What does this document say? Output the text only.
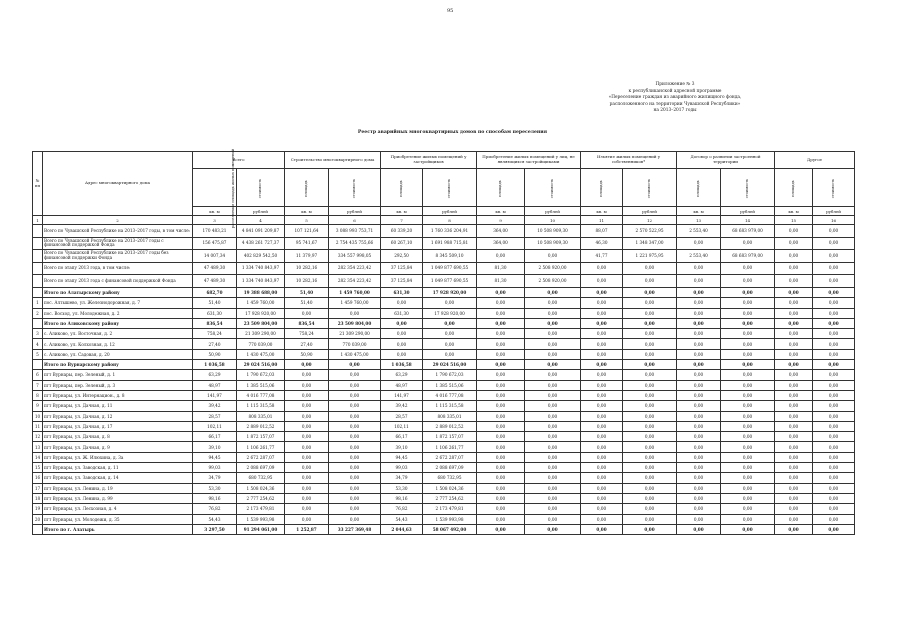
95
Приложение № 3
к республиканской адресной программе
«Переселение граждан из аварийного жилищного фонда,
расположенного на территории Чувашской Республики»
на 2013–2017 годы
Реестр аварийных многоквартирных домов по способам переселения
№ пп	Адрес многоквартирного дома	Всего		Строительство многоквартирного дома		Приобретение жилых помещений у застройщиков		Приобретение жилых помещений у лиц, не являющихся застройщиками		Изъятие жилых помещений у собственников*		Договор о развитии застроенной территории		Другое	
		расселяемая площадь жилых помещений	стоимость	площадь	стоимость	площадь	стоимость	площадь	стоимость	площадь	стоимость	площадь	стоимость	площадь	стоимость
		кв. м	рублей	кв. м	рублей	кв. м	рублей	кв. м	рублей	кв. м	рублей	кв. м	рублей	кв. м	рублей
1	2	3	4	5	6	7	8	9	10	11	12	13	14	15	16
	Всего по Чувашской Республике на 2013–2017 годы, в том числе:	170 483,21	4 841 091 209,87	107 121,64	3 088 993 753,71	60 339,20	1 760 336 204,91	364,00	10 508 909,30	88,07	2 570 522,95	2 553,40	68 683 979,00	0,00	0,00
	Всего по Чувашской Республике на 2013–2017 годы с финансовой поддержкой Фонда	156 475,87	4 438 261 727,37	95 741,67	2 754 435 755,66	60 267,10	1 691 988 715,81	364,00	10 508 909,30	46,30	1 348 347,00	0,00	0,00	0,00	0,00
	Всего по Чувашской Республике на 2013–2017 годы без финансовой поддержки Фонда	14 007,34	402 829 542,50	11 379,97	334 557 998,05	292,50	8 345 509,10	0,00	0,00	41,77	1 221 975,95	2 553,40	68 683 979,00	0,00	0,00
	Всего по этапу 2013 года, в том числе:	47 489,30	1 334 740 843,97	10 282,16	282 354 223,42	37 125,84	1 049 877 690,55	81,30	2 508 920,00	0,00	0,00	0,00	0,00	0,00	0,00
	Всего по этапу 2013 года с финансовой поддержкой Фонда	47 489,30	1 334 740 843,97	10 282,16	282 354 223,42	37 125,84	1 049 877 690,55	81,30	2 508 920,00	0,00	0,00	0,00	0,00	0,00	0,00
	Итого по Алатырскому району	682,70	19 388 688,00	51,40	1 459 760,00	631,30	17 928 920,00	0,00	0,00	0,00	0,00	0,00	0,00	0,00	0,00
1	пос. Алтышево, ул. Железнодорожная, д. 7	51,40	1 459 760,00	51,40	1 459 760,00	0,00	0,00	0,00	0,00	0,00	0,00	0,00	0,00	0,00	0,00
2	пос. Восход, ул. Молодежная, д. 2	631,30	17 928 920,00	0,00	0,00	631,30	17 928 920,00	0,00	0,00	0,00	0,00	0,00	0,00	0,00	0,00
	Итого по Аликовскому району	836,54	23 509 804,00	836,54	23 509 804,00	0,00	0,00	0,00	0,00	0,00	0,00	0,00	0,00	0,00	0,00
3	с. Аликово, ул. Восточная, д. 2	758,24	21 309 290,00	758,24	21 309 290,00	0,00	0,00	0,00	0,00	0,00	0,00	0,00	0,00	0,00	0,00
4	с. Аликово, ул. Колхозная, д. 12	27,40	770 039,00	27,40	770 039,00	0,00	0,00	0,00	0,00	0,00	0,00	0,00	0,00	0,00	0,00
5	с. Аликово, ул. Садовая, д. 20	50,90	1 430 475,00	50,90	1 430 475,00	0,00	0,00	0,00	0,00	0,00	0,00	0,00	0,00	0,00	0,00
	Итого по Вурнарскому району	1 036,58	29 024 516,00	0,00	0,00	1 036,58	29 024 516,00	0,00	0,00	0,00	0,00	0,00	0,00	0,00	0,00
6	пгт Вурнары, пер. Зеленый, д. 1	63,29	1 790 672,03	0,00	0,00	63,29	1 790 672,03	0,00	0,00	0,00	0,00	0,00	0,00	0,00	0,00
7	пгт Вурнары, пер. Зеленый, д. 3	48,97	1 385 515,06	0,00	0,00	48,97	1 385 515,06	0,00	0,00	0,00	0,00	0,00	0,00	0,00	0,00
8	пгт Вурнары, ул. Интернацион., д. 8	141,97	4 016 777,08	0,00	0,00	141,97	4 016 777,08	0,00	0,00	0,00	0,00	0,00	0,00	0,00	0,00
9	пгт Вурнары, ул. Дачная, д. 11	39,42	1 115 315,58	0,00	0,00	39,42	1 115 315,58	0,00	0,00	0,00	0,00	0,00	0,00	0,00	0,00
10	пгт Вурнары, ул. Дачная, д. 12	28,57	808 335,01	0,00	0,00	28,57	808 335,01	0,00	0,00	0,00	0,00	0,00	0,00	0,00	0,00
11	пгт Вурнары, ул. Дачная, д. 17	102,11	2 889 012,52	0,00	0,00	102,11	2 889 012,52	0,00	0,00	0,00	0,00	0,00	0,00	0,00	0,00
12	пгт Вурнары, ул. Дачная, д. 8	66,17	1 872 157,07	0,00	0,00	66,17	1 872 157,07	0,00	0,00	0,00	0,00	0,00	0,00	0,00	0,00
13	пгт Вурнары, ул. Дачная, д. 9	39,10	1 106 261,77	0,00	0,00	39,10	1 106 261,77	0,00	0,00	0,00	0,00	0,00	0,00	0,00	0,00
14	пгт Вурнары, ул. Ж. Илюхина, д. 3а	94,45	2 672 287,07	0,00	0,00	94,45	2 672 287,07	0,00	0,00	0,00	0,00	0,00	0,00	0,00	0,00
15	пгт Вурнары, ул. Заводская, д. 11	99,03	2 088 697,09	0,00	0,00	99,03	2 088 697,09	0,00	0,00	0,00	0,00	0,00	0,00	0,00	0,00
16	пгт Вурнары, ул. Заводская, д. 14	34,79	680 732,95	0,00	0,00	34,79	680 732,95	0,00	0,00	0,00	0,00	0,00	0,00	0,00	0,00
17	пгт Вурнары, ул. Ленина, д. 19	53,30	1 508 024,36	0,00	0,00	53,30	1 508 024,36	0,00	0,00	0,00	0,00	0,00	0,00	0,00	0,00
18	пгт Вурнары, ул. Ленина, д. 99	98,16	2 777 254,62	0,00	0,00	98,16	2 777 254,62	0,00	0,00	0,00	0,00	0,00	0,00	0,00	0,00
19	пгт Вурнары, ул. Лесхозная, д. 4	76,82	2 173 479,81	0,00	0,00	76,82	2 173 479,81	0,00	0,00	0,00	0,00	0,00	0,00	0,00	0,00
20	пгт Вурнары, ул. Молодежи, д. 35	54,43	1 539 993,98	0,00	0,00	54,43	1 539 993,98	0,00	0,00	0,00	0,00	0,00	0,00	0,00	0,00
	Итого по г. Алатырь	3 297,50	91 294 061,00	1 252,87	33 227 369,48	2 044,63	58 067 492,00	0,00	0,00	0,00	0,00	0,00	0,00	0,00	0,00
